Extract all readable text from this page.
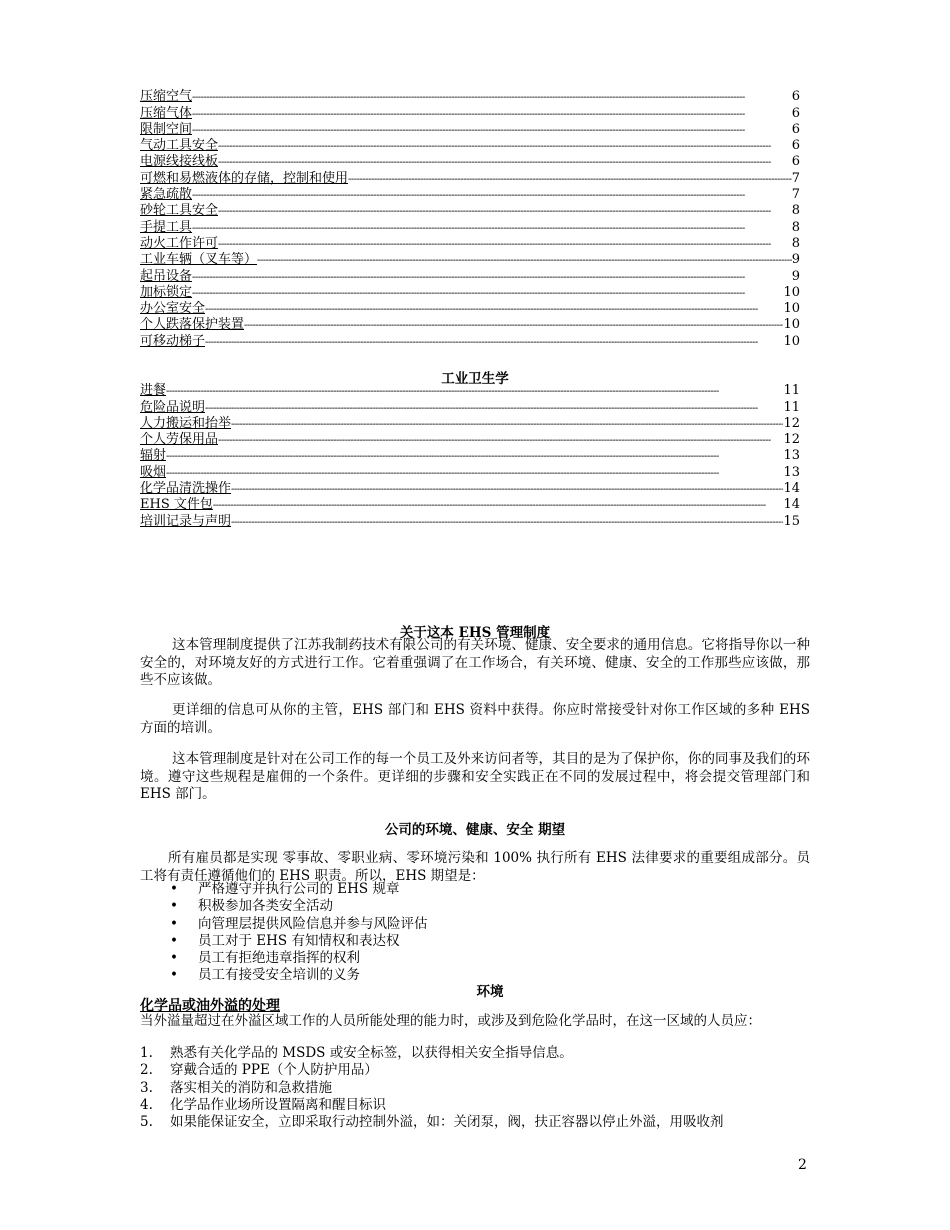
压缩空气 -----	6
压缩气体 -----	6
限制空间 -----	6
气动工具安全 -----	6
电源线接线板 -----	6
可燃和易燃液体的存储，控制和使用 -----	7
紧急疏散 -----	7
砂轮工具安全 -----	8
手提工具 -----	8
动火工作许可 -----	8
工业车辆（叉车等） -----	9
起吊设备 -----	9
加标锁定 -----	10
办公室安全 -----	10
个人跌落保护装置 -----	10
可移动梯子 -----	10
工业卫生学
进餐 -----	11
危险品说明 -----	11
人力搬运和抬举 -----	12
个人劳保用品 -----	12
辐射 -----	13
吸烟 -----	13
化学品清洗操作 -----	14
EHS 文件包 -----	14
培训记录与声明 -----	15
关于这本 EHS 管理制度
这本管理制度提供了江苏我制药技术有限公司的有关环境、健康、安全要求的通用信息。它将指导你以一种安全的，对环境友好的方式进行工作。它着重强调了在工作场合，有关环境、健康、安全的工作那些应该做，那些不应该做。
更详细的信息可从你的主管，EHS 部门和 EHS 资料中获得。你应时常接受针对你工作区域的多种 EHS 方面的培训。
这本管理制度是针对在公司工作的每一个员工及外来访问者等，其目的是为了保护你，你的同事及我们的环境。遵守这些规程是雇佣的一个条件。更详细的步骤和安全实践正在不同的发展过程中，将会提交管理部门和 EHS 部门。
公司的环境、健康、安全 期望
所有雇员都是实现 零事故、零职业病、零环境污染和 100% 执行所有 EHS 法律要求的重要组成部分。员工将有责任遵循他们的 EHS 职责。所以，EHS 期望是：
•	严格遵守并执行公司的 EHS 规章
•	积极参加各类安全活动
•	向管理层提供风险信息并参与风险评估
•	员工对于 EHS 有知情权和表达权
•	员工有拒绝违章指挥的权利
•	员工有接受安全培训的义务
环境
化学品或油外溢的处理
当外溢量超过在外溢区域工作的人员所能处理的能力时，或涉及到危险化学品时，在这一区域的人员应：
1.	熟悉有关化学品的 MSDS 或安全标签，以获得相关安全指导信息。
2.	穿戴合适的 PPE（个人防护用品）
3.	落实相关的消防和急救措施
4.	化学品作业场所设置隔离和醒目标识
5.	如果能保证安全，立即采取行动控制外溢，如：关闭泵，阀，扶正容器以停止外溢，用吸收剂
2
